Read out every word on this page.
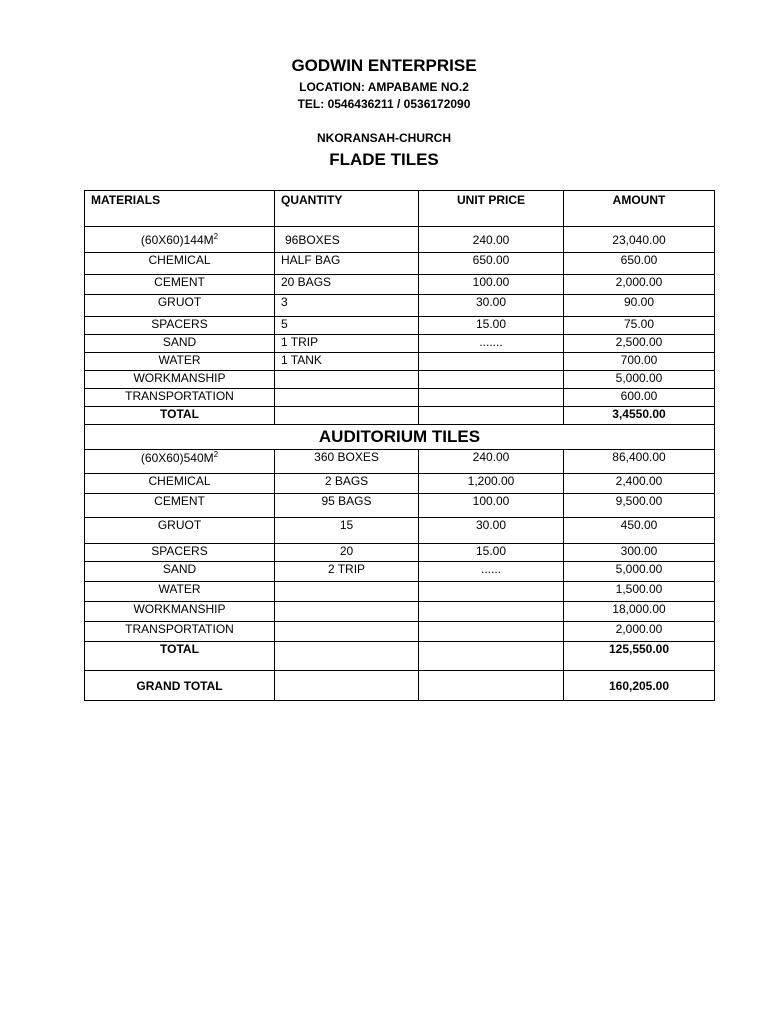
GODWIN ENTERPRISE
LOCATION: AMPABAME NO.2
TEL: 0546436211 / 0536172090
NKORANSAH-CHURCH
FLADE TILES
MATERIALS	QUANTITY	UNIT PRICE	AMOUNT
$(60X60)144M^2$	96BOXES	240.00	23,040.00
CHEMICAL	HALF BAG	650.00	650.00
CEMENT	20 BAGS	100.00	2,000.00
GRUOT	3	30.00	90.00
SPACERS	5	15.00	75.00
SAND	1 TRIP	.......	2,500.00
WATER	1 TANK		700.00
WORKMANSHIP			5,000.00
TRANSPORTATION			600.00
TOTAL			3,4550.00
AUDITORIUM TILES			
$(60X60)540M^2$	360 BOXES	240.00	86,400.00
CHEMICAL	2 BAGS	1,200.00	2,400.00
CEMENT	95 BAGS	100.00	9,500.00
GRUOT	15	30.00	450.00
SPACERS	20	15.00	300.00
SAND	2 TRIP	......	5,000.00
WATER			1,500.00
WORKMANSHIP			18,000.00
TRANSPORTATION			2,000.00
TOTAL			125,550.00
GRAND TOTAL			160,205.00
